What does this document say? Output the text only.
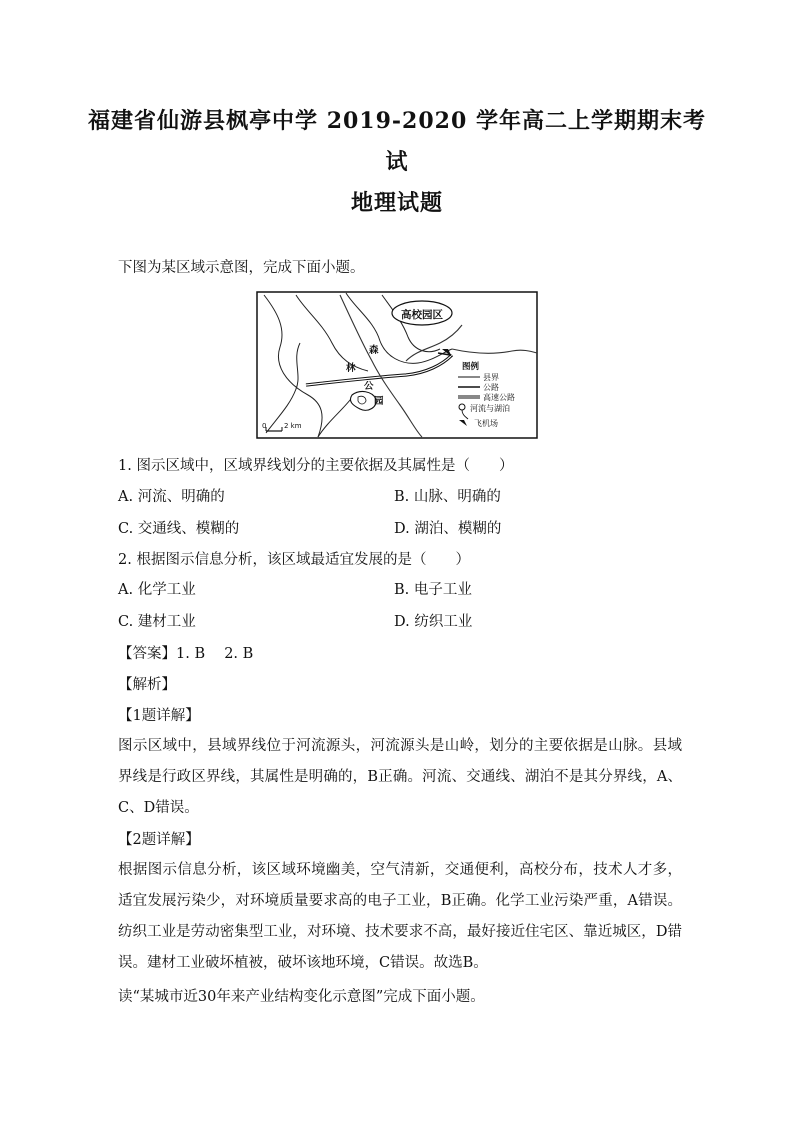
福建省仙游县枫亭中学 2019-2020 学年高二上学期期末考
试
地理试题
下图为某区域示意图，完成下面小题。
高校园区
森
林
公
园
图例
县界
公路
高速公路
河流与湖泊
飞机场
0	2 km
1. 图示区域中，区域界线划分的主要依据及其属性是（　　）
A. 河流、明确的	B. 山脉、明确的
C. 交通线、模糊的	D. 湖泊、模糊的
2. 根据图示信息分析，该区域最适宜发展的是（　　）
A. 化学工业	B. 电子工业
C. 建材工业	D. 纺织工业
【答案】1. B　 2. B
【解析】
【1题详解】
图示区域中，县域界线位于河流源头，河流源头是山岭，划分的主要依据是山脉。县域界线是行政区界线，其属性是明确的，B正确。河流、交通线、湖泊不是其分界线，A、C、D错误。
【2题详解】
根据图示信息分析，该区域环境幽美，空气清新，交通便利，高校分布，技术人才多，适宜发展污染少，对环境质量要求高的电子工业，B正确。化学工业污染严重，A错误。纺织工业是劳动密集型工业，对环境、技术要求不高，最好接近住宅区、靠近城区，D错误。建材工业破坏植被，破坏该地环境，C错误。故选B。
读“某城市近30年来产业结构变化示意图”完成下面小题。
